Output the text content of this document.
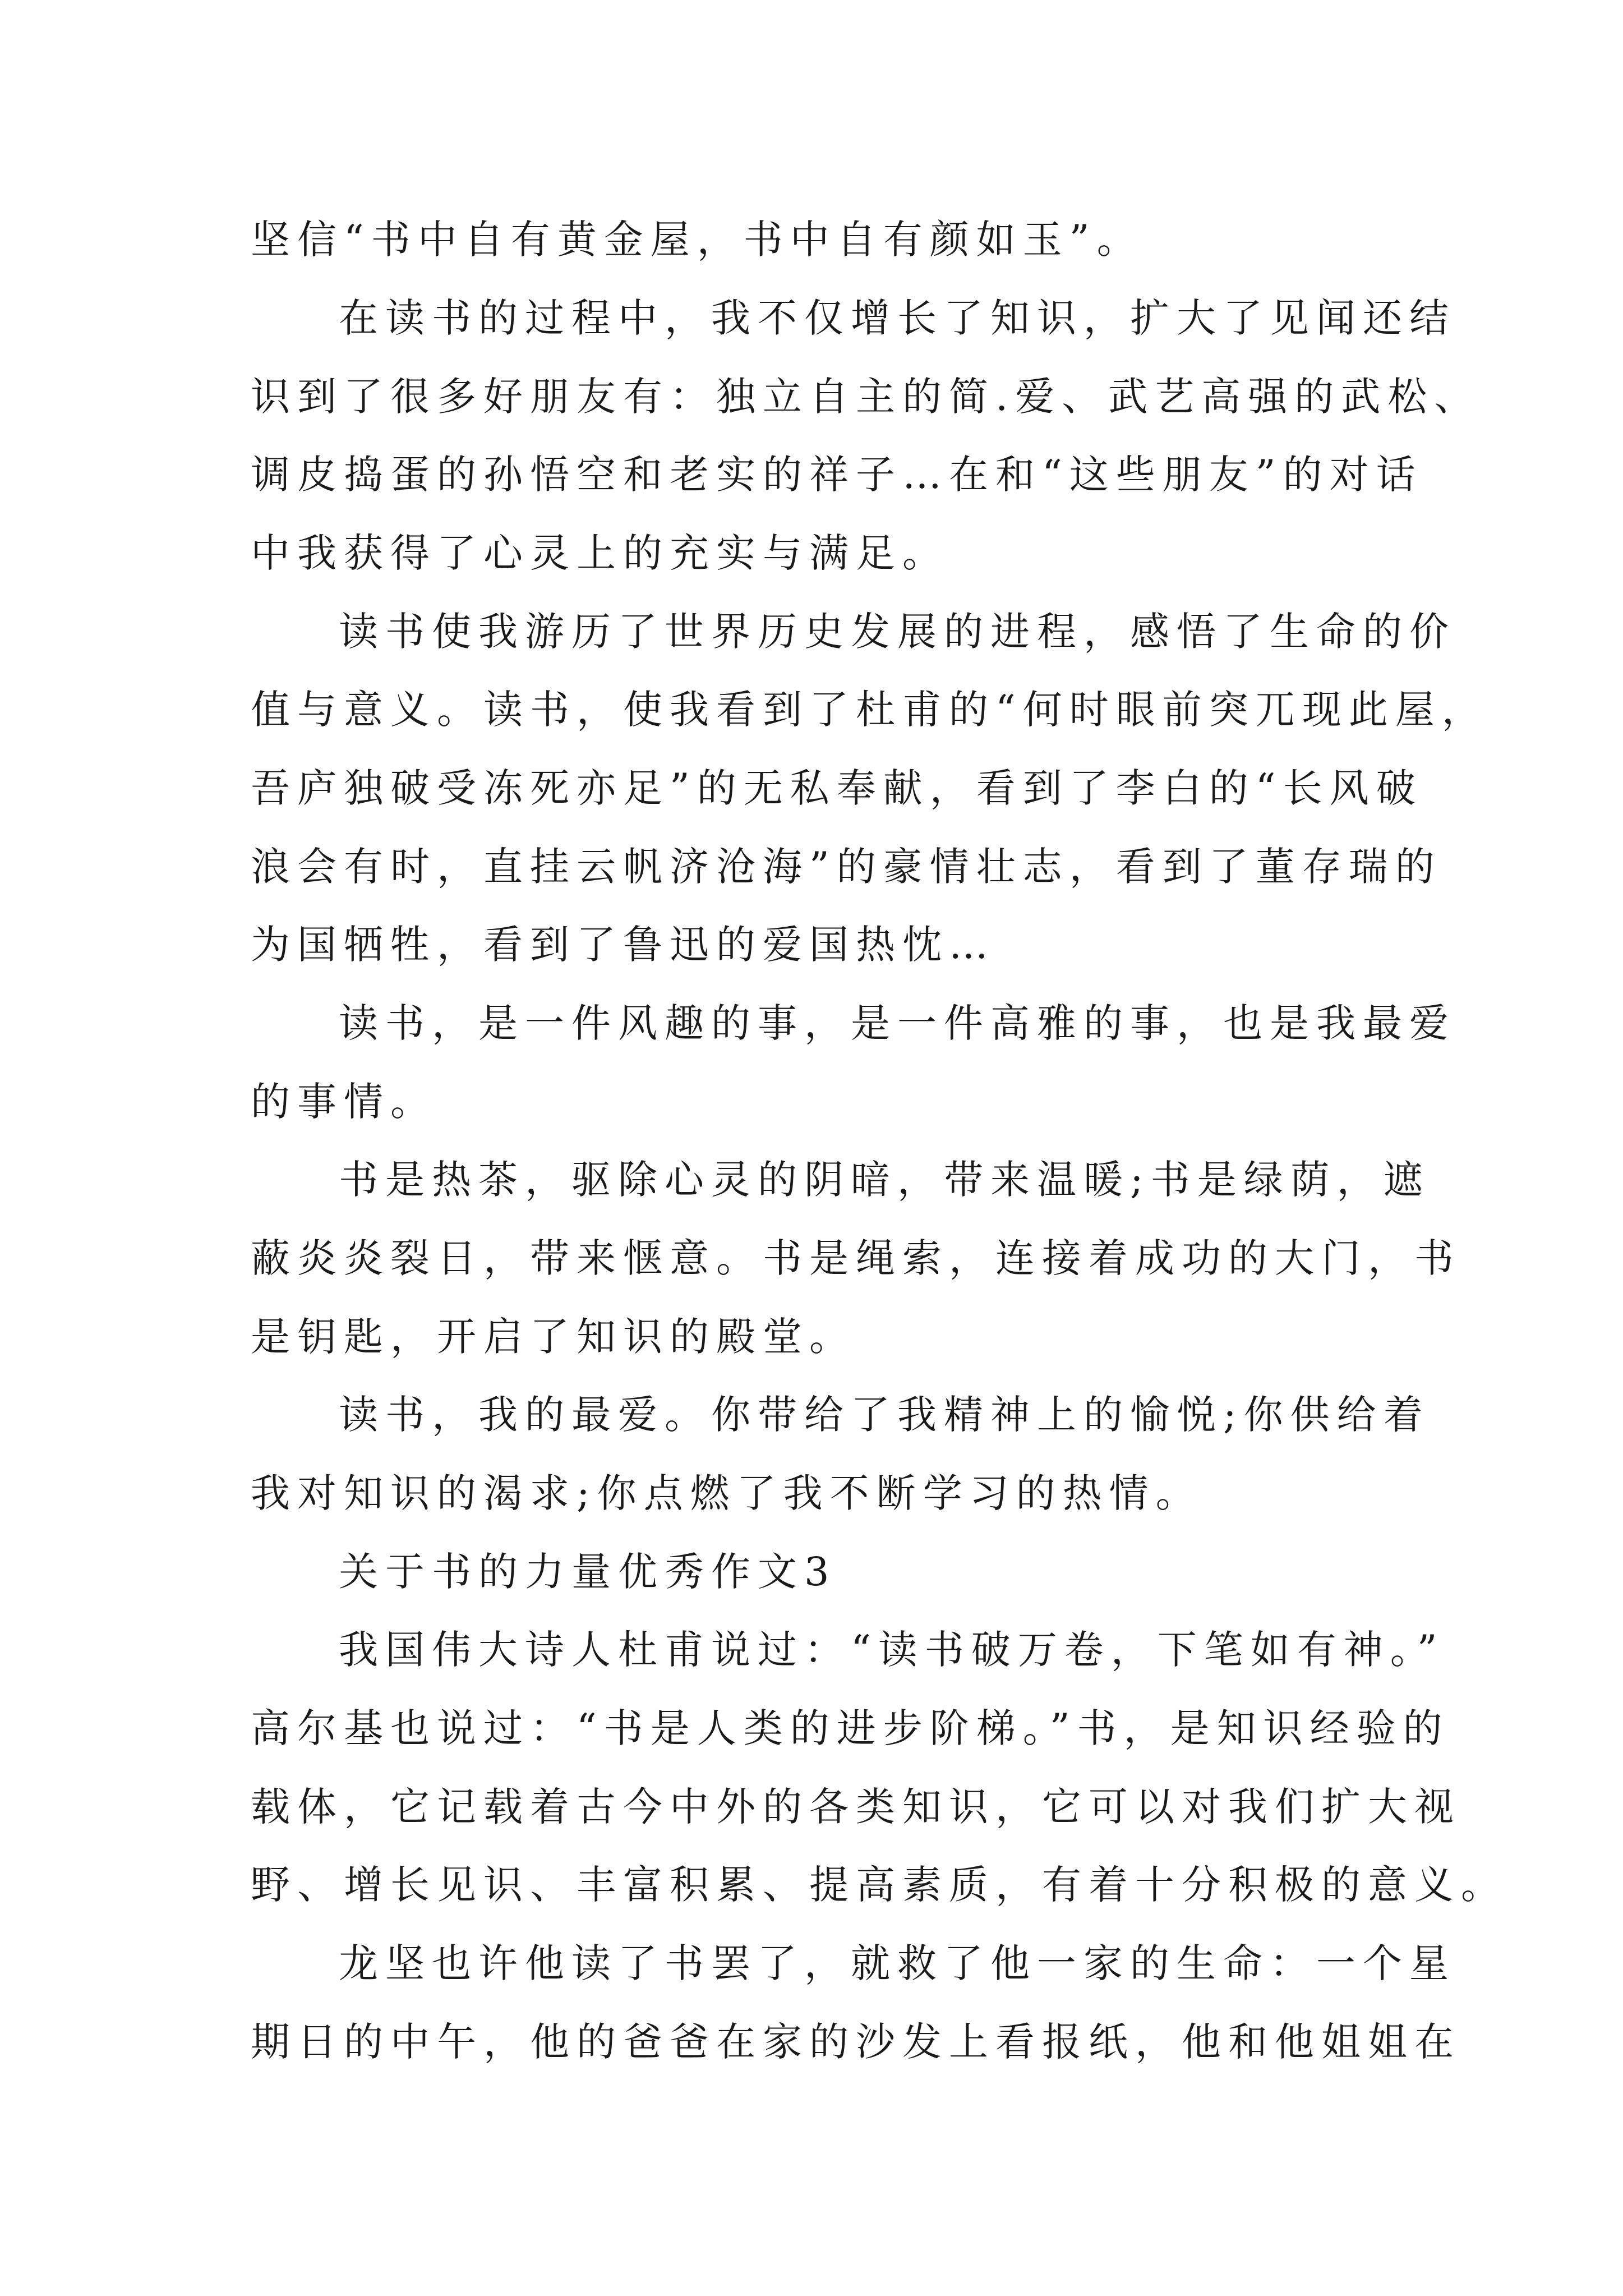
坚信“书中自有黄金屋，书中自有颜如玉”。

在读书的过程中，我不仅增长了知识，扩大了见闻还结

识到了很多好朋友有：独立自主的简.爱、武艺高强的武松、

调皮捣蛋的孙悟空和老实的祥子…在和“这些朋友”的对话

中我获得了心灵上的充实与满足。

读书使我游历了世界历史发展的进程，感悟了生命的价

值与意义。读书，使我看到了杜甫的“何时眼前突兀现此屋，

吾庐独破受冻死亦足”的无私奉献，看到了李白的“长风破

浪会有时，直挂云帆济沧海”的豪情壮志，看到了董存瑞的

为国牺牲，看到了鲁迅的爱国热忱…

读书，是一件风趣的事，是一件高雅的事，也是我最爱

的事情。

书是热茶，驱除心灵的阴暗，带来温暖;书是绿荫，遮

蔽炎炎裂日，带来惬意。书是绳索，连接着成功的大门，书

是钥匙，开启了知识的殿堂。

读书，我的最爱。你带给了我精神上的愉悦;你供给着

我对知识的渴求;你点燃了我不断学习的热情。

关于书的力量优秀作文3

我国伟大诗人杜甫说过：“读书破万卷，下笔如有神。”

高尔基也说过：“书是人类的进步阶梯。”书，是知识经验的

载体，它记载着古今中外的各类知识，它可以对我们扩大视

野、增长见识、丰富积累、提高素质，有着十分积极的意义。

龙坚也许他读了书罢了，就救了他一家的生命：一个星

期日的中午，他的爸爸在家的沙发上看报纸，他和他姐姐在
